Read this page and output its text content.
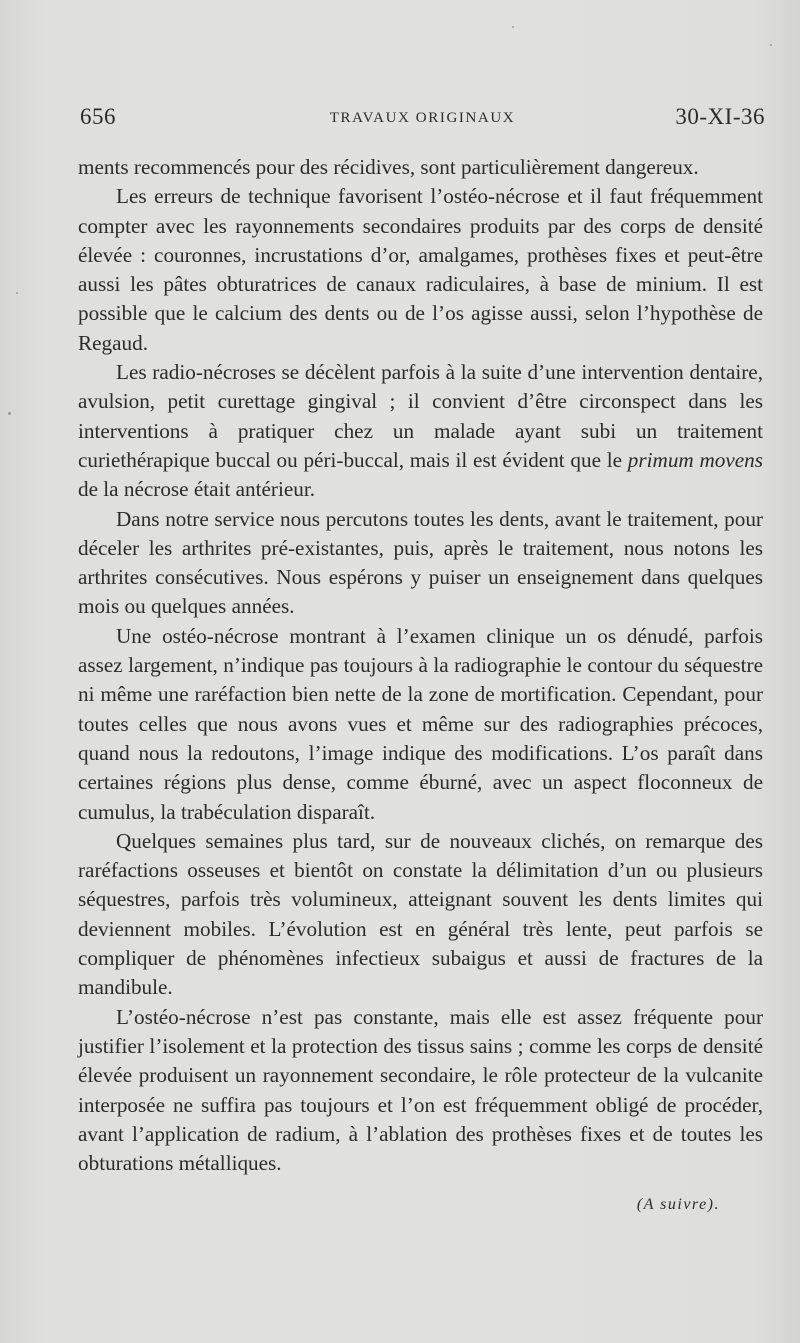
656	TRAVAUX ORIGINAUX	30-XI-36

ments recommencés pour des récidives, sont particulièrement dangereux.

Les erreurs de technique favorisent l’ostéo-nécrose et il faut fréquemment compter avec les rayonnements secondaires produits par des corps de densité élevée : couronnes, incrustations d’or, amalgames, prothèses fixes et peut-être aussi les pâtes obturatrices de canaux radiculaires, à base de minium. Il est possible que le calcium des dents ou de l’os agisse aussi, selon l’hypothèse de Regaud.

Les radio-nécroses se décèlent parfois à la suite d’une intervention dentaire, avulsion, petit curettage gingival ; il convient d’être circonspect dans les interventions à pratiquer chez un malade ayant subi un traitement curiethérapique buccal ou péri-buccal, mais il est évident que le primum movens de la nécrose était antérieur.

Dans notre service nous percutons toutes les dents, avant le traitement, pour déceler les arthrites pré-existantes, puis, après le traitement, nous notons les arthrites consécutives. Nous espérons y puiser un enseignement dans quelques mois ou quelques années.

Une ostéo-nécrose montrant à l’examen clinique un os dénudé, parfois assez largement, n’indique pas toujours à la radiographie le contour du séquestre ni même une raréfaction bien nette de la zone de mortification. Cependant, pour toutes celles que nous avons vues et même sur des radiographies précoces, quand nous la redoutons, l’image indique des modifications. L’os paraît dans certaines régions plus dense, comme éburné, avec un aspect floconneux de cumulus, la trabéculation disparaît.

Quelques semaines plus tard, sur de nouveaux clichés, on remarque des raréfactions osseuses et bientôt on constate la délimitation d’un ou plusieurs séquestres, parfois très volumineux, atteignant souvent les dents limites qui deviennent mobiles. L’évolution est en général très lente, peut parfois se compliquer de phénomènes infectieux subaigus et aussi de fractures de la mandibule.

L’ostéo-nécrose n’est pas constante, mais elle est assez fréquente pour justifier l’isolement et la protection des tissus sains ; comme les corps de densité élevée produisent un rayonnement secondaire, le rôle protecteur de la vulcanite interposée ne suffira pas toujours et l’on est fréquemment obligé de procéder, avant l’application de radium, à l’ablation des prothèses fixes et de toutes les obturations métalliques.

(A suivre).
